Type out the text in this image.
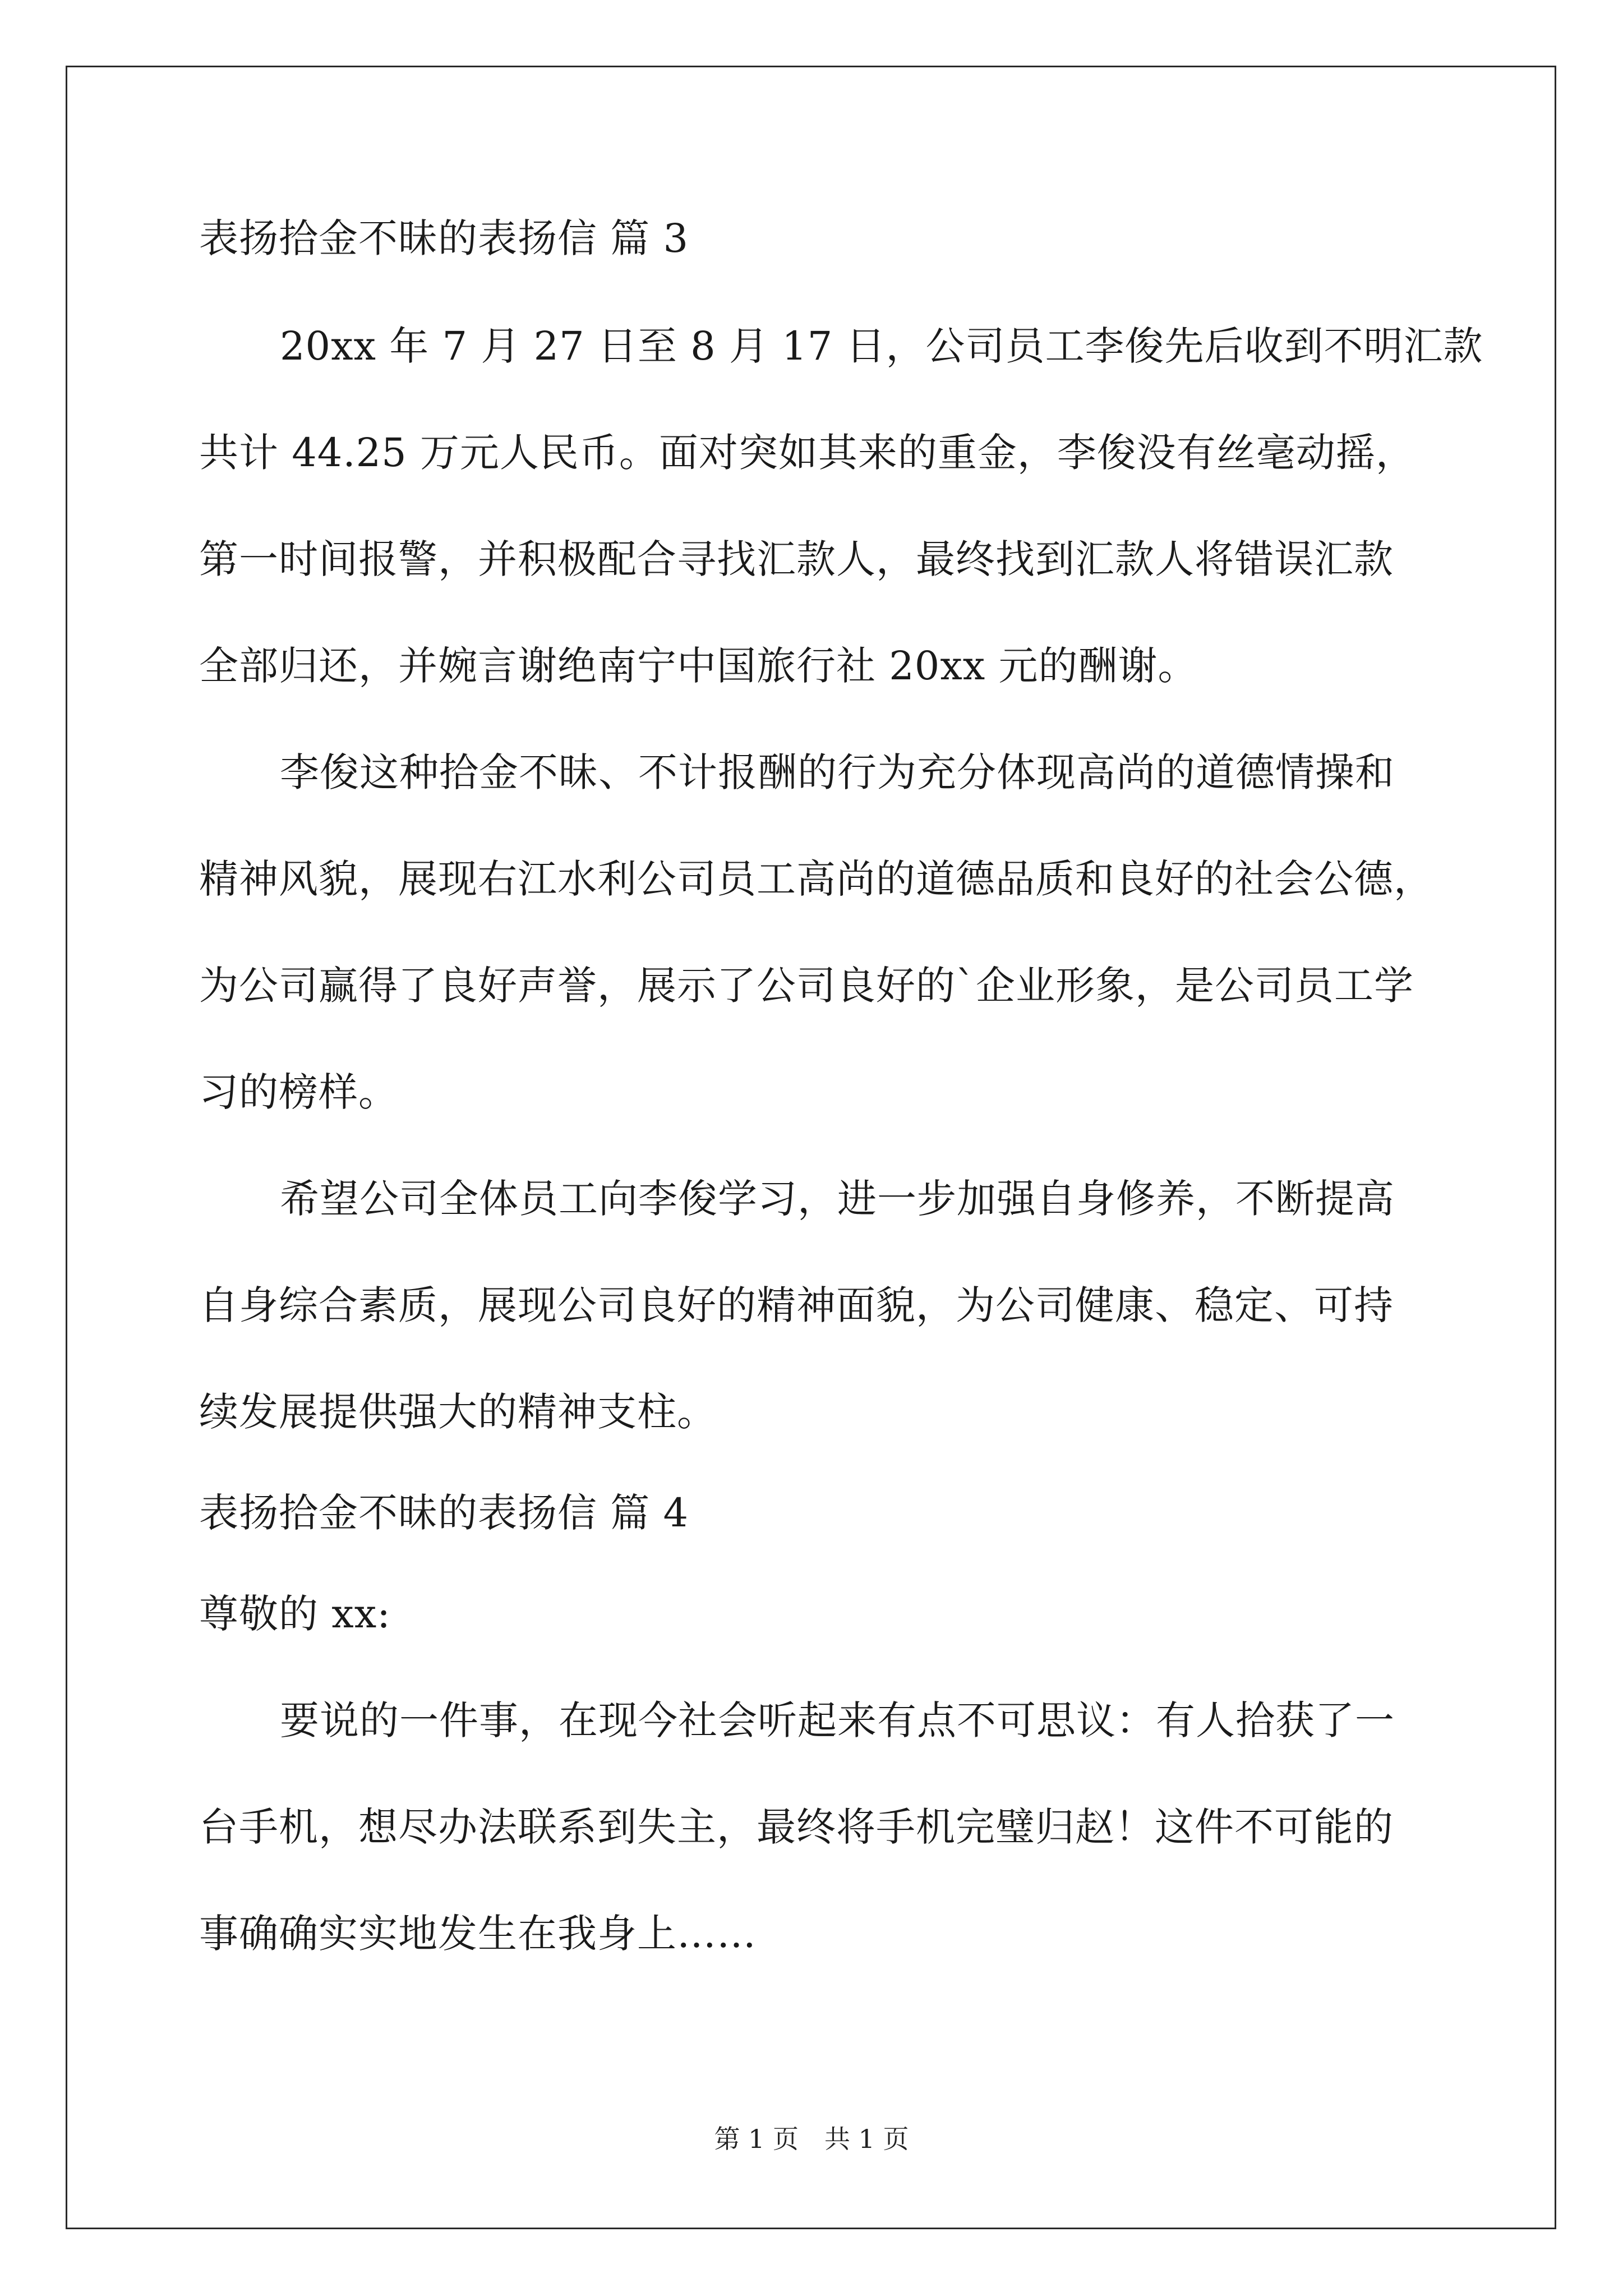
表扬拾金不昧的表扬信 篇 3
20xx 年 7 月 27 日至 8 月 17 日，公司员工李俊先后收到不明汇款
共计 44.25 万元人民币。面对突如其来的重金，李俊没有丝毫动摇，
第一时间报警，并积极配合寻找汇款人，最终找到汇款人将错误汇款
全部归还，并婉言谢绝南宁中国旅行社 20xx 元的酬谢。
李俊这种拾金不昧、不计报酬的行为充分体现高尚的道德情操和
精神风貌，展现右江水利公司员工高尚的道德品质和良好的社会公德，
为公司赢得了良好声誉，展示了公司良好的`企业形象，是公司员工学
习的榜样。
希望公司全体员工向李俊学习，进一步加强自身修养，不断提高
自身综合素质，展现公司良好的精神面貌，为公司健康、稳定、可持
续发展提供强大的精神支柱。
表扬拾金不昧的表扬信 篇 4
尊敬的 xx:
要说的一件事，在现今社会听起来有点不可思议：有人拾获了一
台手机，想尽办法联系到失主，最终将手机完璧归赵！这件不可能的
事确确实实地发生在我身上……
第 1 页　共 1 页
